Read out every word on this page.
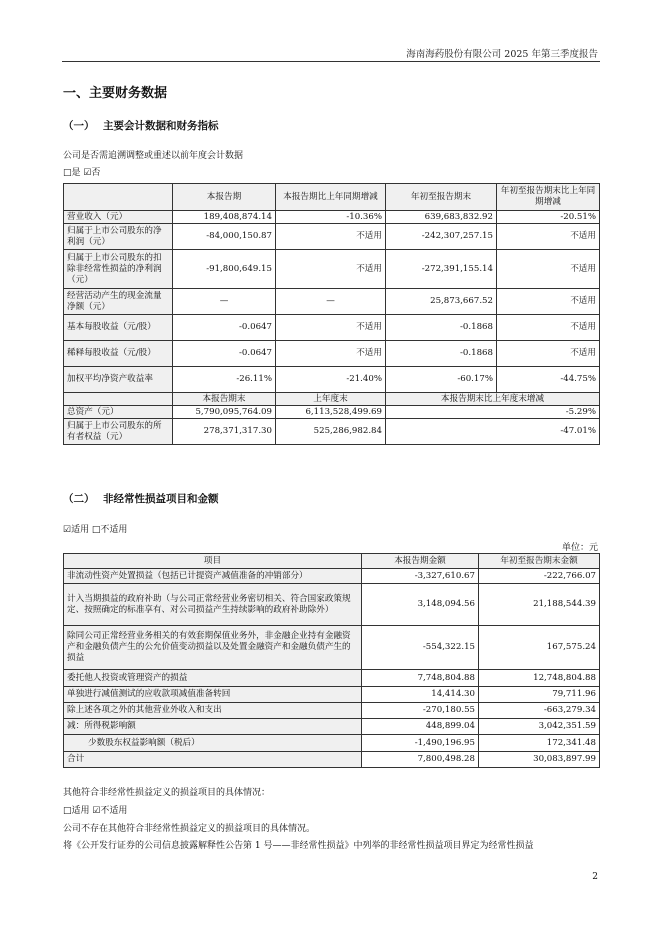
海南海药股份有限公司 2025 年第三季度报告
一、主要财务数据
（一） 主要会计数据和财务指标
公司是否需追溯调整或重述以前年度会计数据
□是 ☑否
	本报告期	本报告期比上年同期增减	年初至报告期末	年初至报告期末比上年同期增减
营业收入（元）	189,408,874.14	-10.36%	639,683,832.92	-20.51%
归属于上市公司股东的净利润（元）	-84,000,150.87	不适用	-242,307,257.15	不适用
归属于上市公司股东的扣除非经常性损益的净利润（元）	-91,800,649.15	不适用	-272,391,155.14	不适用
经营活动产生的现金流量净额（元）	—	—	25,873,667.52	不适用
基本每股收益（元/股）	-0.0647	不适用	-0.1868	不适用
稀释每股收益（元/股）	-0.0647	不适用	-0.1868	不适用
加权平均净资产收益率	-26.11%	-21.40%	-60.17%	-44.75%
	本报告期末	上年度末	本报告期末比上年度末增减	
总资产（元）	5,790,095,764.09	6,113,528,499.69	-5.29%	
归属于上市公司股东的所有者权益（元）	278,371,317.30	525,286,982.84	-47.01%	
（二） 非经常性损益项目和金额
☑适用 □不适用
单位：元
项目	本报告期金额	年初至报告期末金额
非流动性资产处置损益（包括已计提资产减值准备的冲销部分）	-3,327,610.67	-222,766.07
计入当期损益的政府补助（与公司正常经营业务密切相关、符合国家政策规定、按照确定的标准享有、对公司损益产生持续影响的政府补助除外）	3,148,094.56	21,188,544.39
除同公司正常经营业务相关的有效套期保值业务外，非金融企业持有金融资产和金融负债产生的公允价值变动损益以及处置金融资产和金融负债产生的损益	-554,322.15	167,575.24
委托他人投资或管理资产的损益	7,748,804.88	12,748,804.88
单独进行减值测试的应收款项减值准备转回	14,414.30	79,711.96
除上述各项之外的其他营业外收入和支出	-270,180.55	-663,279.34
减：所得税影响额	448,899.04	3,042,351.59
少数股东权益影响额（税后）	-1,490,196.95	172,341.48
合计	7,800,498.28	30,083,897.99
其他符合非经常性损益定义的损益项目的具体情况：
□适用 ☑不适用
公司不存在其他符合非经常性损益定义的损益项目的具体情况。
将《公开发行证券的公司信息披露解释性公告第 1 号——非经常性损益》中列举的非经常性损益项目界定为经常性损益
2
